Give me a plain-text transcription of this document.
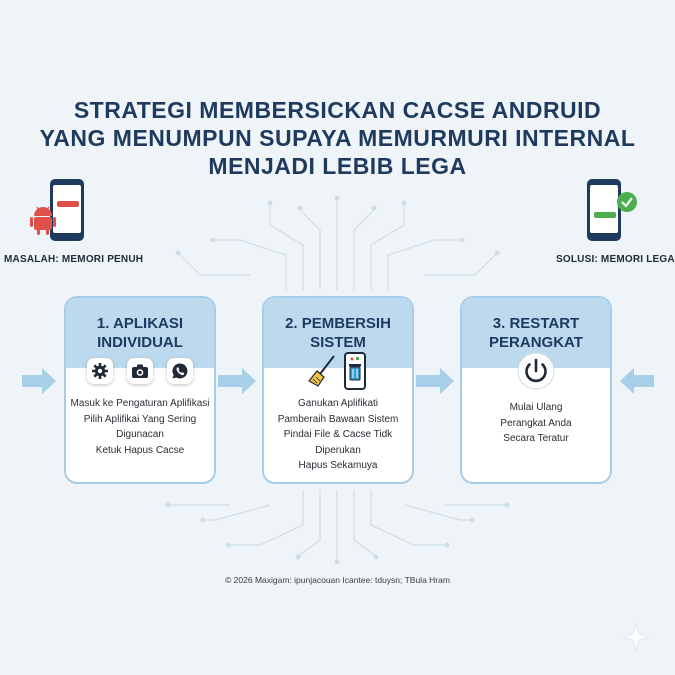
STRATEGI MEMBERSICKAN CACSE ANDRUID
YANG MENUMPUN SUPAYA MEMURMURI INTERNAL
MENJADI LEBIB LEGA
MASALAH: MEMORI PENUH	SOLUSI: MEMORI LEGA
1. APLIKASI
INDIVIDUAL
Masuk ke Pengaturan Aplifikasi
Pilih Aplifikai Yang Sering
Digunacan
Ketuk Hapus Cacse
2. PEMBERSIH
SISTEM
Ganukan Aplifikati
Pamberaih Bawaan Sistem
Pindai File & Cacse Tidk Diperukan
Hapus Sekamuya
3. RESTART
PERANGKAT
Mulai Ulang
Perangkat Anda
Secara Teratur
© 2026 Maxigam: ipunjacouan Icantee: tduysn; TBula Hram
